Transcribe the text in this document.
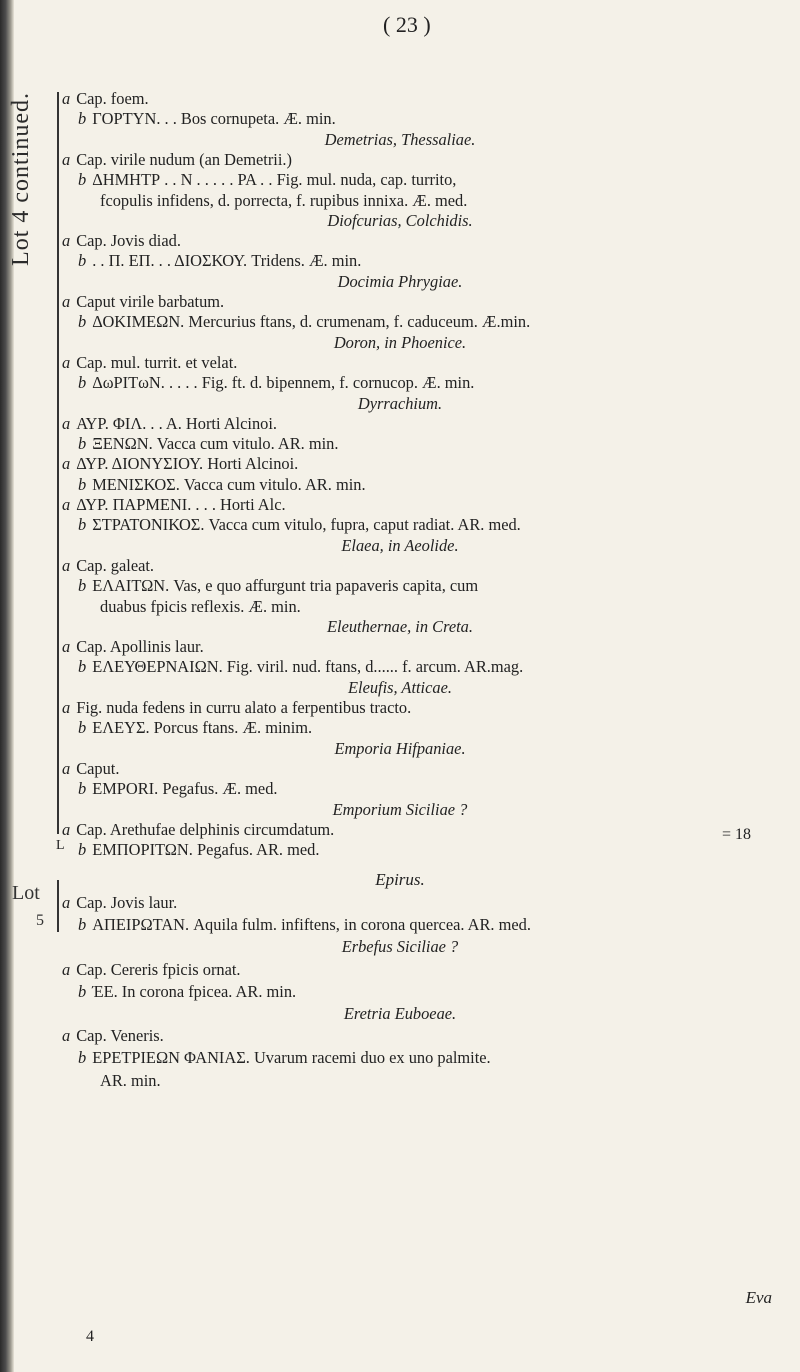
Lot 4 continued.
L
Lot
5
( 23 )
a Cap. foem.
b ΓΟΡΤΥΝ. . . Bos cornupeta. Æ. min.
Demetrias, Thessaliae.
a Cap. virile nudum (an Demetrii.)
b ΔΗΜΗΤΡ . . Ν . . . . . ΡΑ . . Fig. mul. nuda, cap. turrito,
fcopulis infidens, d. porrecta, f. rupibus innixa. Æ. med.
Diofcurias, Colchidis.
a Cap. Jovis diad.
b . . Π. ΕΠ. . . ΔΙΟΣΚΟΥ. Tridens. Æ. min.
Docimia Phrygiae.
a Caput virile barbatum.
b ΔΟΚΙΜΕΩΝ. Mercurius ftans, d. crumenam, f. caduceum. Æ.min.
Doron, in Phoenice.
a Cap. mul. turrit. et velat.
b ΔωΡΙΤωΝ. . . . . Fig. ft. d. bipennem, f. cornucop. Æ. min.
Dyrrachium.
a ΑΥΡ. ΦΙΛ. . . Α. Horti Alcinoi.
b ΞΕΝΩΝ. Vacca cum vitulo. AR. min.
a ΔΥΡ. ΔΙΟΝΥΣΙΟΥ. Horti Alcinoi.
b ΜΕΝΙΣΚΟΣ. Vacca cum vitulo. AR. min.
a ΔΥΡ. ΠΑΡΜΕΝΙ. . . . Horti Alc.
b ΣΤΡΑΤΟΝΙΚΟΣ. Vacca cum vitulo, fupra, caput radiat. AR. med.
Elaea, in Aeolide.
a Cap. galeat.
b ΕΛΑΙΤΩΝ. Vas, e quo affurgunt tria papaveris capita, cum
duabus fpicis reflexis. Æ. min.
Eleuthernae, in Creta.
a Cap. Apollinis laur.
b ΕΛΕΥΘΕΡΝΑΙΩΝ. Fig. viril. nud. ftans, d...... f. arcum. AR.mag.
Eleufis, Atticae.
a Fig. nuda fedens in curru alato a ferpentibus tracto.
b ΕΛΕΥΣ. Porcus ftans. Æ. minim.
Emporia Hifpaniae.
a Caput.
b EMPORI. Pegafus. Æ. med.
Emporium Siciliae ?
a Cap. Arethufae delphinis circumdatum.
b ΕΜΠΟΡΙΤΩΝ. Pegafus. AR. med.
= 18
Epirus.
a Cap. Jovis laur.
b ΑΠΕΙΡΩΤΑΝ. Aquila fulm. infiftens, in corona quercea. AR. med.
Erbefus Siciliae ?
a Cap. Cereris fpicis ornat.
b ΈΕ. In corona fpicea. AR. min.
Eretria Euboeae.
a Cap. Veneris.
b ΕΡΕΤΡΙΕΩΝ ΦΑΝΙΑΣ. Uvarum racemi duo ex uno palmite.
AR. min.
Eva
4
